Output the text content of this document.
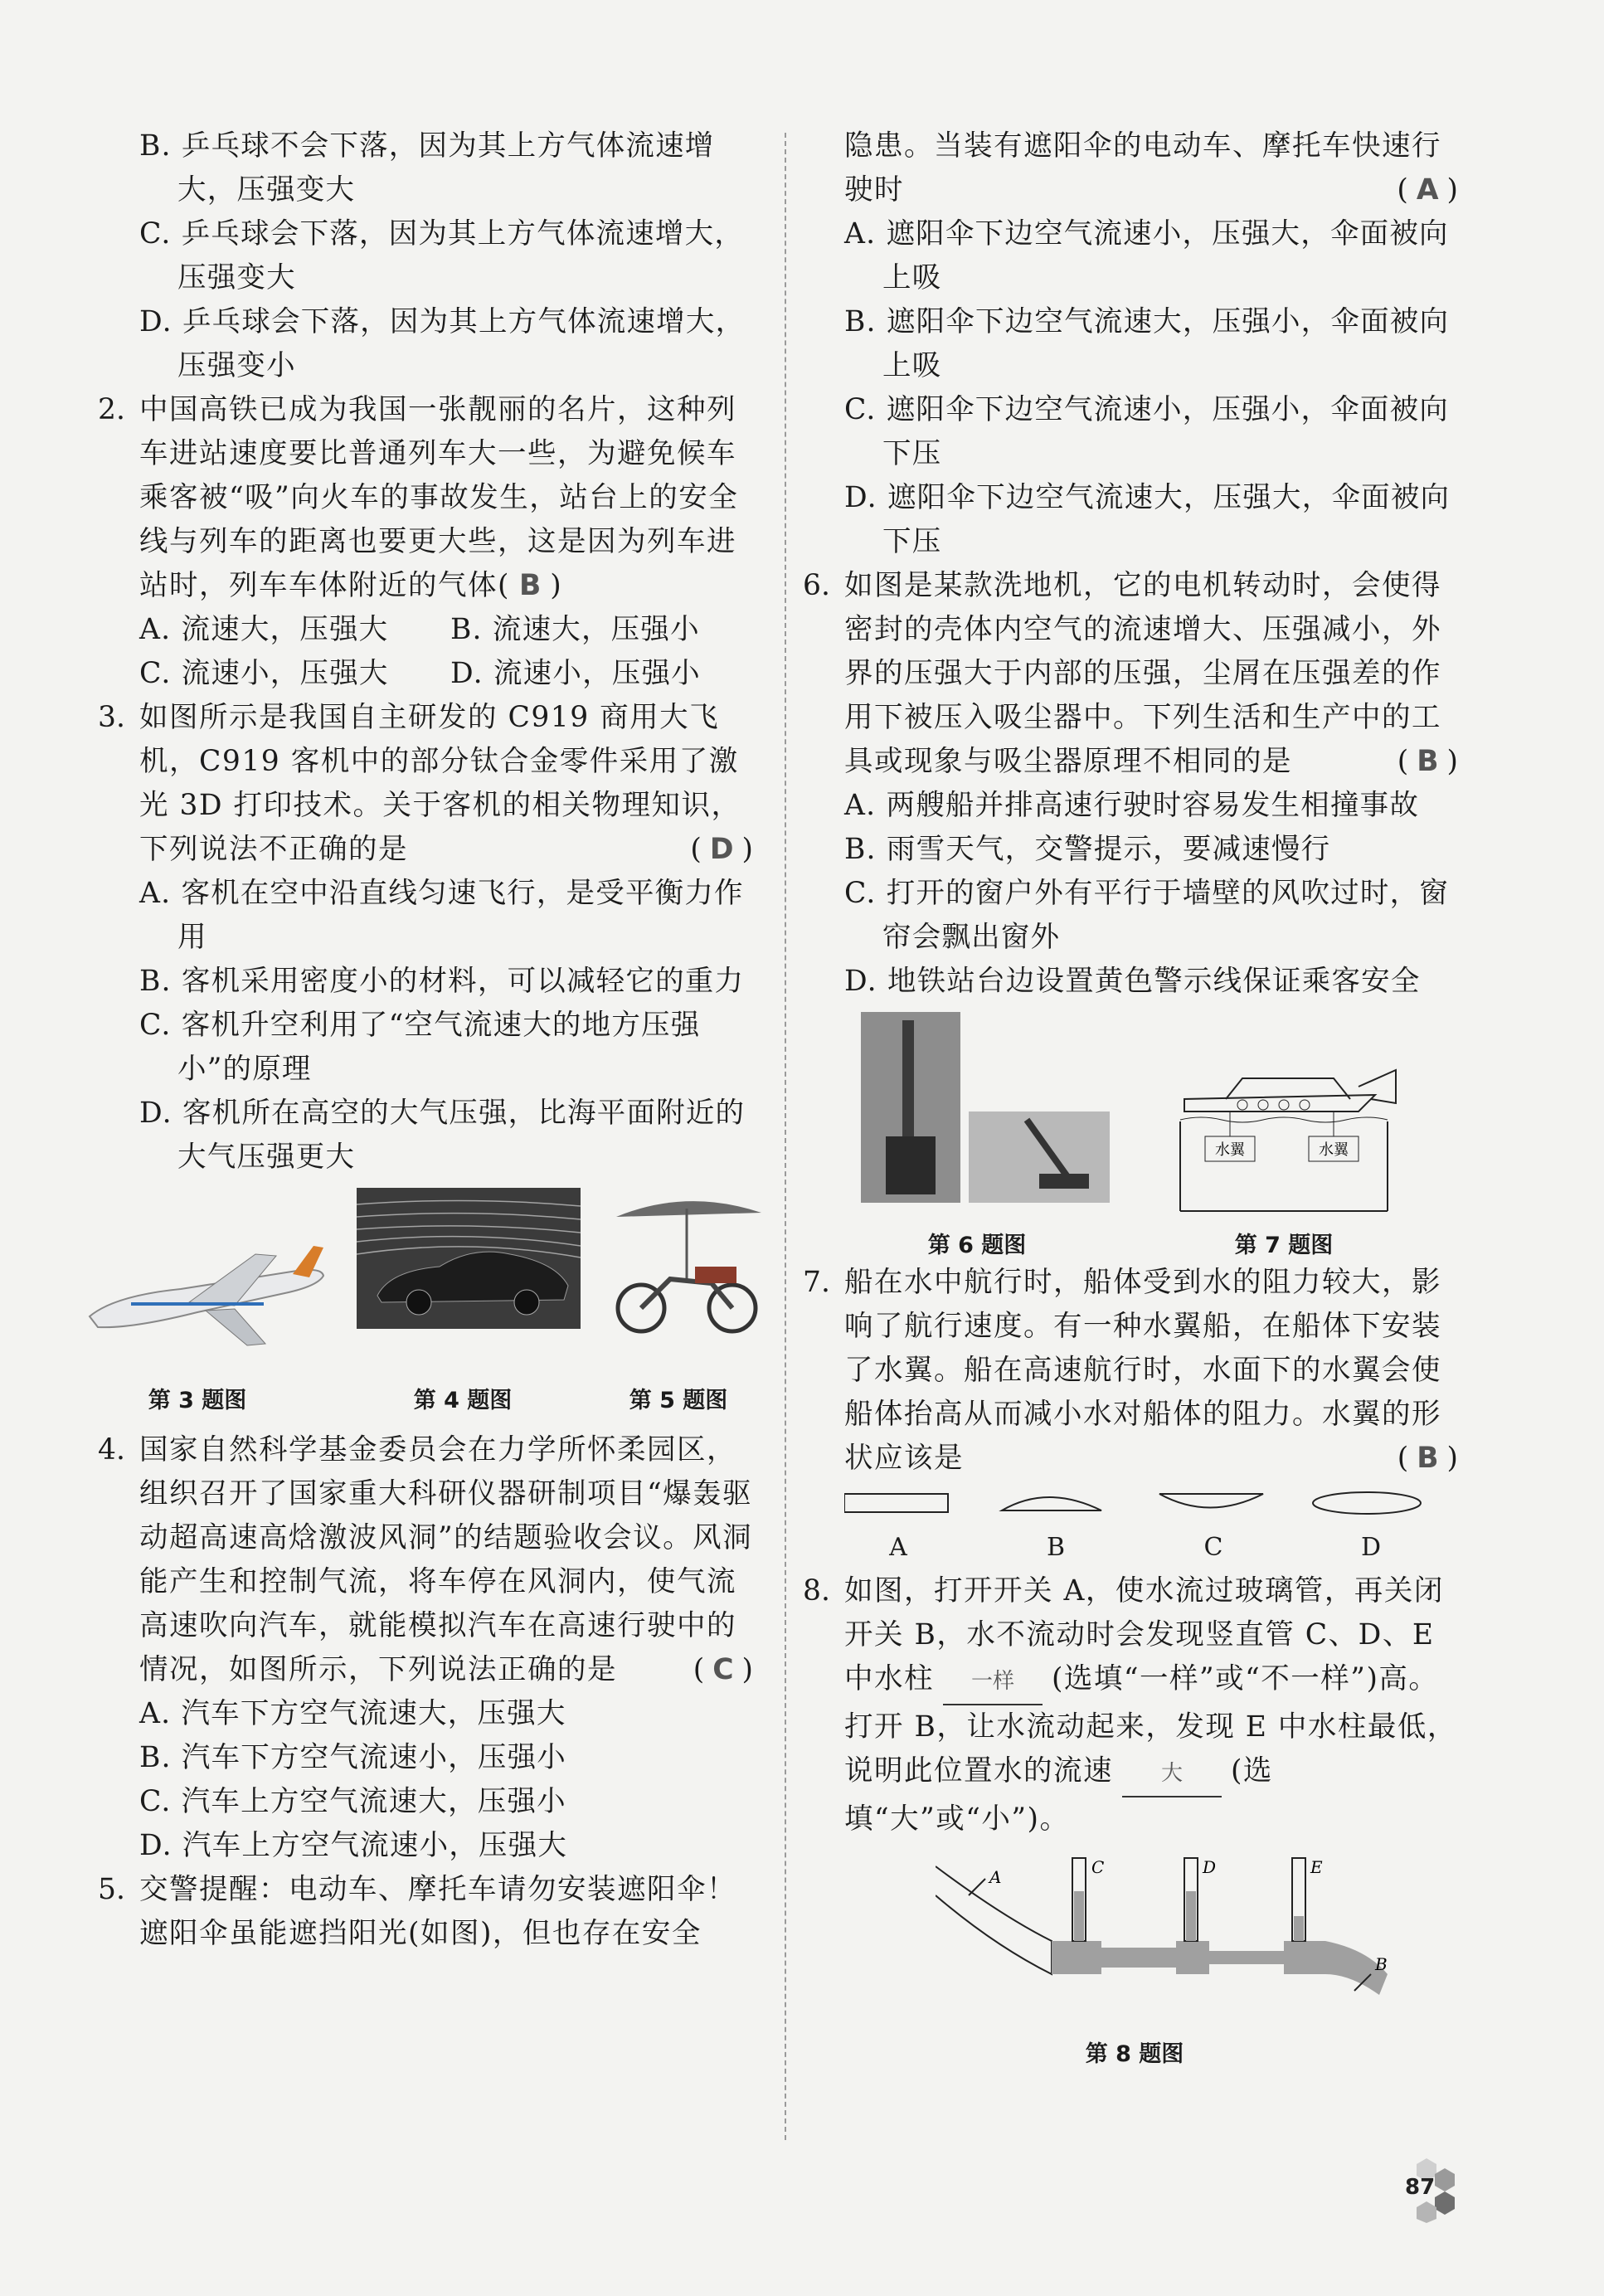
B. 乒乓球不会下落，因为其上方气体流速增大，压强变大

C. 乒乓球会下落，因为其上方气体流速增大，压强变大

D. 乒乓球会下落，因为其上方气体流速增大，压强变小

2. 中国高铁已成为我国一张靓丽的名片，这种列车进站速度要比普通列车大一些，为避免候车乘客被“吸”向火车的事故发生，站台上的安全线与列车的距离也要更大些，这是因为列车进站时，列车车体附近的气体( B )

A. 流速大，压强大	B. 流速大，压强小

C. 流速小，压强大	D. 流速小，压强小

3. 如图所示是我国自主研发的 C919 商用大飞机，C919 客机中的部分钛合金零件采用了激光 3D 打印技术。关于客机的相关物理知识，下列说法不正确的是	(D)

A. 客机在空中沿直线匀速飞行，是受平衡力作用

B. 客机采用密度小的材料，可以减轻它的重力

C. 客机升空利用了“空气流速大的地方压强小”的原理

D. 客机所在高空的大气压强，比海平面附近的大气压强更大

第 3 题图	第 4 题图	第 5 题图
4. 国家自然科学基金委员会在力学所怀柔园区，组织召开了国家重大科研仪器研制项目“爆轰驱动超高速高焓激波风洞”的结题验收会议。风洞能产生和控制气流，将车停在风洞内，使气流高速吹向汽车，就能模拟汽车在高速行驶中的情况，如图所示，下列说法正确的是	(C)

A. 汽车下方空气流速大，压强大

B. 汽车下方空气流速小，压强小

C. 汽车上方空气流速大，压强小

D. 汽车上方空气流速小，压强大

5. 交警提醒：电动车、摩托车请勿安装遮阳伞！遮阳伞虽能遮挡阳光(如图)，但也存在安全
隐患。当装有遮阳伞的电动车、摩托车快速行驶时	(A)

A. 遮阳伞下边空气流速小，压强大，伞面被向上吸

B. 遮阳伞下边空气流速大，压强小，伞面被向上吸

C. 遮阳伞下边空气流速小，压强小，伞面被向下压

D. 遮阳伞下边空气流速大，压强大，伞面被向下压

6. 如图是某款洗地机，它的电机转动时，会使得密封的壳体内空气的流速增大、压强减小，外界的压强大于内部的压强，尘屑在压强差的作用下被压入吸尘器中。下列生活和生产中的工具或现象与吸尘器原理不相同的是	(B)

A. 两艘船并排高速行驶时容易发生相撞事故

B. 雨雪天气，交警提示，要减速慢行

C. 打开的窗户外有平行于墙壁的风吹过时，窗帘会飘出窗外

D. 地铁站台边设置黄色警示线保证乘客安全

水翼	水翼
第 6 题图	第 7 题图
7. 船在水中航行时，船体受到水的阻力较大，影响了航行速度。有一种水翼船，在船体下安装了水翼。船在高速航行时，水面下的水翼会使船体抬高从而减小水对船体的阻力。水翼的形状应该是	(B)
A	B	C	D
8. 如图，打开开关 A，使水流过玻璃管，再关闭开关 B，水不流动时会发现竖直管 C、D、E 中水柱 一样 (选填“一样”或“不一样”)高。打开 B，让水流动起来，发现 E 中水柱最低，说明此位置水的流速 大 (选填“大”或“小”)。
A
B
C	D	E
第 8 题图
87
